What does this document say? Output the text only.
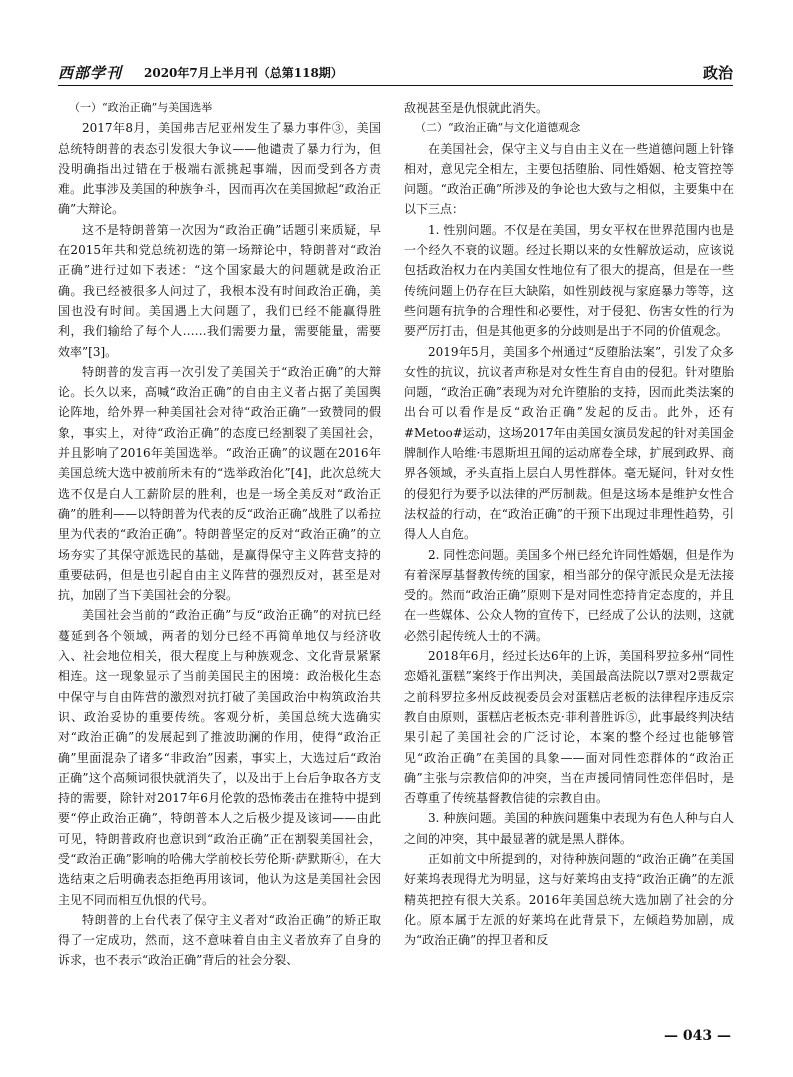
西部学刊 2020年7月上半月刊（总第118期）	政治

（一）“政治正确”与美国选举

2017年8月，美国弗吉尼亚州发生了暴力事件③，美国总统特朗普的表态引发很大争议——他谴责了暴力行为，但没明确指出过错在于极端右派挑起事端，因而受到各方责难。此事涉及美国的种族争斗，因而再次在美国掀起“政治正确”大辩论。

这不是特朗普第一次因为“政治正确”话题引来质疑，早在2015年共和党总统初选的第一场辩论中，特朗普对“政治正确”进行过如下表述：“这个国家最大的问题就是政治正确。我已经被很多人问过了，我根本没有时间政治正确，美国也没有时间。美国遇上大问题了，我们已经不能赢得胜利，我们输给了每个人……我们需要力量，需要能量，需要效率”[3]。

特朗普的发言再一次引发了美国关于“政治正确”的大辩论。长久以来，高喊“政治正确”的自由主义者占据了美国舆论阵地，给外界一种美国社会对待“政治正确”一致赞同的假象，事实上，对待“政治正确”的态度已经割裂了美国社会，并且影响了2016年美国选举。“政治正确”的议题在2016年美国总统大选中被前所未有的“选举政治化”[4]，此次总统大选不仅是白人工薪阶层的胜利，也是一场全美反对“政治正确”的胜利——以特朗普为代表的反“政治正确”战胜了以希拉里为代表的“政治正确”。特朗普坚定的反对“政治正确”的立场夯实了其保守派选民的基础，是赢得保守主义阵营支持的重要砝码，但是也引起自由主义阵营的强烈反对，甚至是对抗，加剧了当下美国社会的分裂。

美国社会当前的“政治正确”与反“政治正确”的对抗已经蔓延到各个领域，两者的划分已经不再简单地仅与经济收入、社会地位相关，很大程度上与种族观念、文化背景紧紧相连。这一现象显示了当前美国民主的困境：政治极化生态中保守与自由阵营的激烈对抗打破了美国政治中构筑政治共识、政治妥协的重要传统。客观分析，美国总统大选确实对“政治正确”的发展起到了推波助澜的作用，使得“政治正确”里面混杂了诸多“非政治”因素，事实上，大选过后“政治正确”这个高频词很快就消失了，以及出于上台后争取各方支持的需要，除针对2017年6月伦敦的恐怖袭击在推特中提到要“停止政治正确”，特朗普本人之后极少提及该词——由此可见，特朗普政府也意识到“政治正确”正在割裂美国社会，受“政治正确”影响的哈佛大学前校长劳伦斯·萨默斯④，在大选结束之后明确表态拒绝再用该词，他认为这是美国社会因主见不同而相互仇恨的代号。

特朗普的上台代表了保守主义者对“政治正确”的矫正取得了一定成功，然而，这不意味着自由主义者放弃了自身的诉求，也不表示“政治正确”背后的社会分裂、

敌视甚至是仇恨就此消失。

（二）“政治正确”与文化道德观念

在美国社会，保守主义与自由主义在一些道德问题上针锋相对，意见完全相左，主要包括堕胎、同性婚姻、枪支管控等问题。“政治正确”所涉及的争论也大致与之相似，主要集中在以下三点：

1. 性别问题。不仅是在美国，男女平权在世界范围内也是一个经久不衰的议题。经过长期以来的女性解放运动，应该说包括政治权力在内美国女性地位有了很大的提高，但是在一些传统问题上仍存在巨大缺陷，如性别歧视与家庭暴力等等，这些问题有抗争的合理性和必要性，对于侵犯、伤害女性的行为要严厉打击，但是其他更多的分歧则是出于不同的价值观念。

2019年5月，美国多个州通过“反堕胎法案”，引发了众多女性的抗议，抗议者声称是对女性生育自由的侵犯。针对堕胎问题，“政治正确”表现为对允许堕胎的支持，因而此类法案的出台可以看作是反“政治正确”发起的反击。此外，还有#Metoo#运动，这场2017年由美国女演员发起的针对美国金牌制作人哈维·韦恩斯坦丑闻的运动席卷全球，扩展到政界、商界各领域，矛头直指上层白人男性群体。毫无疑问，针对女性的侵犯行为要予以法律的严厉制裁。但是这场本是维护女性合法权益的行动，在“政治正确”的干预下出现过非理性趋势，引得人人自危。

2. 同性恋问题。美国多个州已经允许同性婚姻，但是作为有着深厚基督教传统的国家，相当部分的保守派民众是无法接受的。然而“政治正确”原则下是对同性恋持肯定态度的，并且在一些媒体、公众人物的宣传下，已经成了公认的法则，这就必然引起传统人士的不满。

2018年6月，经过长达6年的上诉，美国科罗拉多州“同性恋婚礼蛋糕”案终于作出判决，美国最高法院以7票对2票裁定之前科罗拉多州反歧视委员会对蛋糕店老板的法律程序违反宗教自由原则，蛋糕店老板杰克·菲利普胜诉⑤，此事最终判决结果引起了美国社会的广泛讨论，本案的整个经过也能够管见“政治正确”在美国的具象——面对同性恋群体的“政治正确”主张与宗教信仰的冲突，当在声援同情同性恋伴侣时，是否尊重了传统基督教信徒的宗教自由。

3. 种族问题。美国的种族问题集中表现为有色人种与白人之间的冲突，其中最显著的就是黑人群体。

正如前文中所提到的，对待种族问题的“政治正确”在美国好莱坞表现得尤为明显，这与好莱坞由支持“政治正确”的左派精英把控有很大关系。2016年美国总统大选加剧了社会的分化。原本属于左派的好莱坞在此背景下，左倾趋势加剧，成为“政治正确”的捍卫者和反

— 043 —
